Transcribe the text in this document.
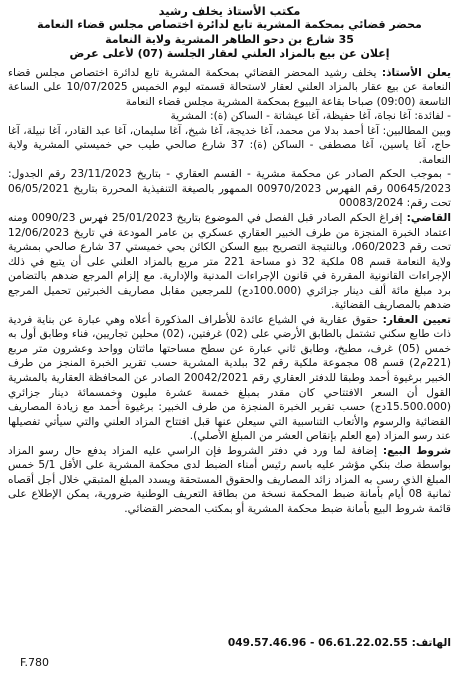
مكتب الأستاذ يخلف رشيد
محضر قضائي بمحكمة المشرية تابع لدائرة اختصاص مجلس قضاء النعامة
35 شارع بن دحو الطاهر المشرية ولاية النعامة
إعلان عن بيع بالمزاد العلني لعقار الجلسة (07) لأعلى عرض

يعلن الأستاذ: يخلف رشيد المحضر القضائي بمحكمة المشرية تابع لدائرة اختصاص مجلس قضاء النعامة عن بيع عقار بالمزاد العلني لعقار لاستحالة قسمته ليوم الخميس 10/07/2025 على الساعة التاسعة (09:00) صباحا بقاعة البيوع بمحكمة المشرية مجلس قضاء النعامة

- لفائدة: آغا نجاة، آغا حفيظة، آغا عيشاتة - الساكن (ة): المشرية

وبين المطالبين: آغا أحمد بدلا من محمد، آغا خديجة، آغا شيخ، آغا سليمان، آغا عبد القادر، آغا نبيلة، آغا حاج، آغا ياسين، آغا مصطفى - الساكن (ة): 37 شارع صالحي طيب حي خميستي المشرية ولاية النعامة.

- بموجب الحكم الصادر عن محكمة مشرية - القسم العقاري - بتاريخ 23/11/2023 رقم الجدول: 00645/2023 رقم الفهرس 00970/2023 الممهور بالصيغة التنفيذية المحررة بتاريخ 06/05/2021 تحت رقم: 00083/2024

القاضي: إفراغ الحكم الصادر قبل الفصل في الموضوع بتاريخ 25/01/2023 فهرس 0090/23 ومنه اعتماد الخبرة المنجزة من طرف الخبير العقاري عسكري بن عامر المودعة في تاريخ 12/06/2023 تحت رقم 060/2023، وبالنتيجة التصريح ببيع السكن الكائن بحي خميستي 37 شارع صالحي بمشرية ولاية النعامة قسم 08 ملكية 32 ذو مساحة 221 متر مربع بالمزاد العلني على أن يتبع في ذلك الإجراءات القانونية المقررة في قانون الإجراءات المدنية والإدارية. مع إلزام المرجع ضدهم بالتضامن برد مبلغ مائة ألف دينار جزائري (100.000دج) للمرجعين مقابل مصاريف الخبرتين تحميل المرجع ضدهم بالمصاريف القضائية.

تعيين العقار: حقوق عقارية في الشياع عائدة للأطراف المذكورة أعلاه وهي عبارة عن بناية فردية ذات طابع سكني تشتمل بالطابق الأرضي على (02) غرفتين، (02) محلين تجاريين، فناء وطابق أول به خمس (05) غرف، مطبخ، وطابق ثاني عبارة عن سطح مساحتها ماثتان وواحد وعشرون متر مربع (221م2) قسم 08 مجموعة ملكية رقم 32 ببلدية المشرية حسب تقرير الخبرة المنجز من طرف الخبير برغيوة أحمد وطبقا للدفتر العقاري رقم 20042/2021 الصادر عن المحافظة العقارية بالمشرية القول أن السعر الافتتاحي كان مقدر بمبلغ خمسة عشرة مليون وخمسمائة دينار جزائري (15.500.000دج) حسب تقرير الخبرة المنجزة من طرف الخبير: برغيوة أحمد مع زيادة المصاريف القضائية والرسوم والأتعاب التناسبية التي سيعلن عنها قبل افتتاح المزاد العلني والتي سيأتي تفصيلها عند رسو المزاد (مع العلم بإنقاص العشر من المبلغ الأصلي).

شروط البيع: إضافة لما ورد في دفتر الشروط فإن الراسي عليه المزاد يدفع حال رسو المزاد بواسطة صك بنكي مؤشر عليه باسم رئيس أمناء الضبط لدى محكمة المشرية على الأقل 5/1 خمس المبلغ الذي رسى به المزاد زائد المصاريف والحقوق المستحقة ويسدد المبلغ المتبقي خلال أجل أقصاه ثمانية 08 أيام بأمانة ضبط المحكمة نسخة من بطاقة التعريف الوطنية ضرورية، يمكن الإطلاع على قائمة شروط البيع بأمانة ضبط محكمة المشرية أو بمكتب المحضر القضائي.

الهاتف: 049.57.46.96 - 06.61.22.02.55
F.780
